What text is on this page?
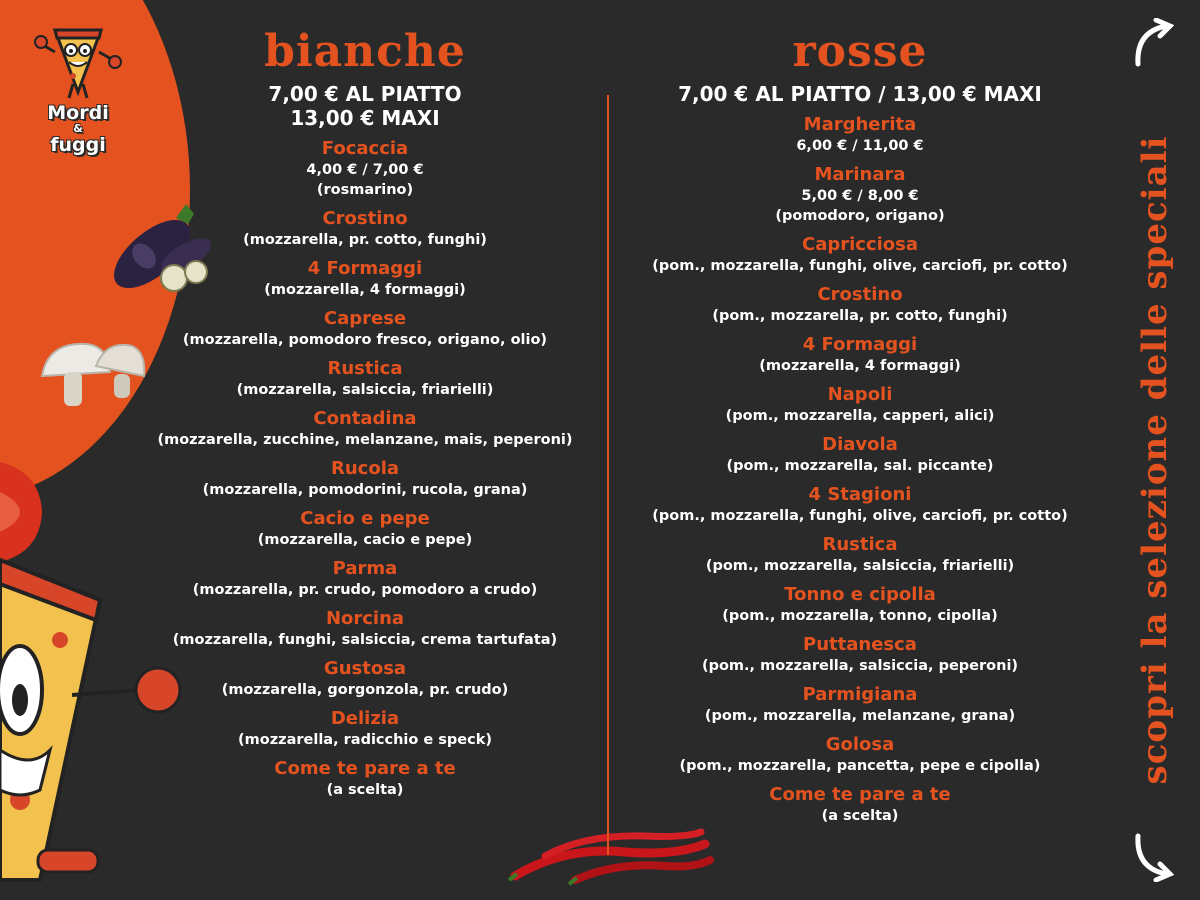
Mordi
&
fuggi
bianche
7,00 € AL PIATTO
13,00 € MAXI
Focaccia
4,00 € / 7,00 €
(rosmarino)
Crostino
(mozzarella, pr. cotto, funghi)
4 Formaggi
(mozzarella, 4 formaggi)
Caprese
(mozzarella, pomodoro fresco, origano, olio)
Rustica
(mozzarella, salsiccia, friarielli)
Contadina
(mozzarella, zucchine, melanzane, mais, peperoni)
Rucola
(mozzarella, pomodorini, rucola, grana)
Cacio e pepe
(mozzarella, cacio e pepe)
Parma
(mozzarella, pr. crudo, pomodoro a crudo)
Norcina
(mozzarella, funghi, salsiccia, crema tartufata)
Gustosa
(mozzarella, gorgonzola, pr. crudo)
Delizia
(mozzarella, radicchio e speck)
Come te pare a te
(a scelta)
rosse
7,00 € AL PIATTO / 13,00 € MAXI
Margherita
6,00 € / 11,00 €
Marinara
5,00 € / 8,00 €
(pomodoro, origano)
Capricciosa
(pom., mozzarella, funghi, olive, carciofi, pr. cotto)
Crostino
(pom., mozzarella, pr. cotto, funghi)
4 Formaggi
(mozzarella, 4 formaggi)
Napoli
(pom., mozzarella, capperi, alici)
Diavola
(pom., mozzarella, sal. piccante)
4 Stagioni
(pom., mozzarella, funghi, olive, carciofi, pr. cotto)
Rustica
(pom., mozzarella, salsiccia, friarielli)
Tonno e cipolla
(pom., mozzarella, tonno, cipolla)
Puttanesca
(pom., mozzarella, salsiccia, peperoni)
Parmigiana
(pom., mozzarella, melanzane, grana)
Golosa
(pom., mozzarella, pancetta, pepe e cipolla)
Come te pare a te
(a scelta)
scopri la selezione delle speciali
